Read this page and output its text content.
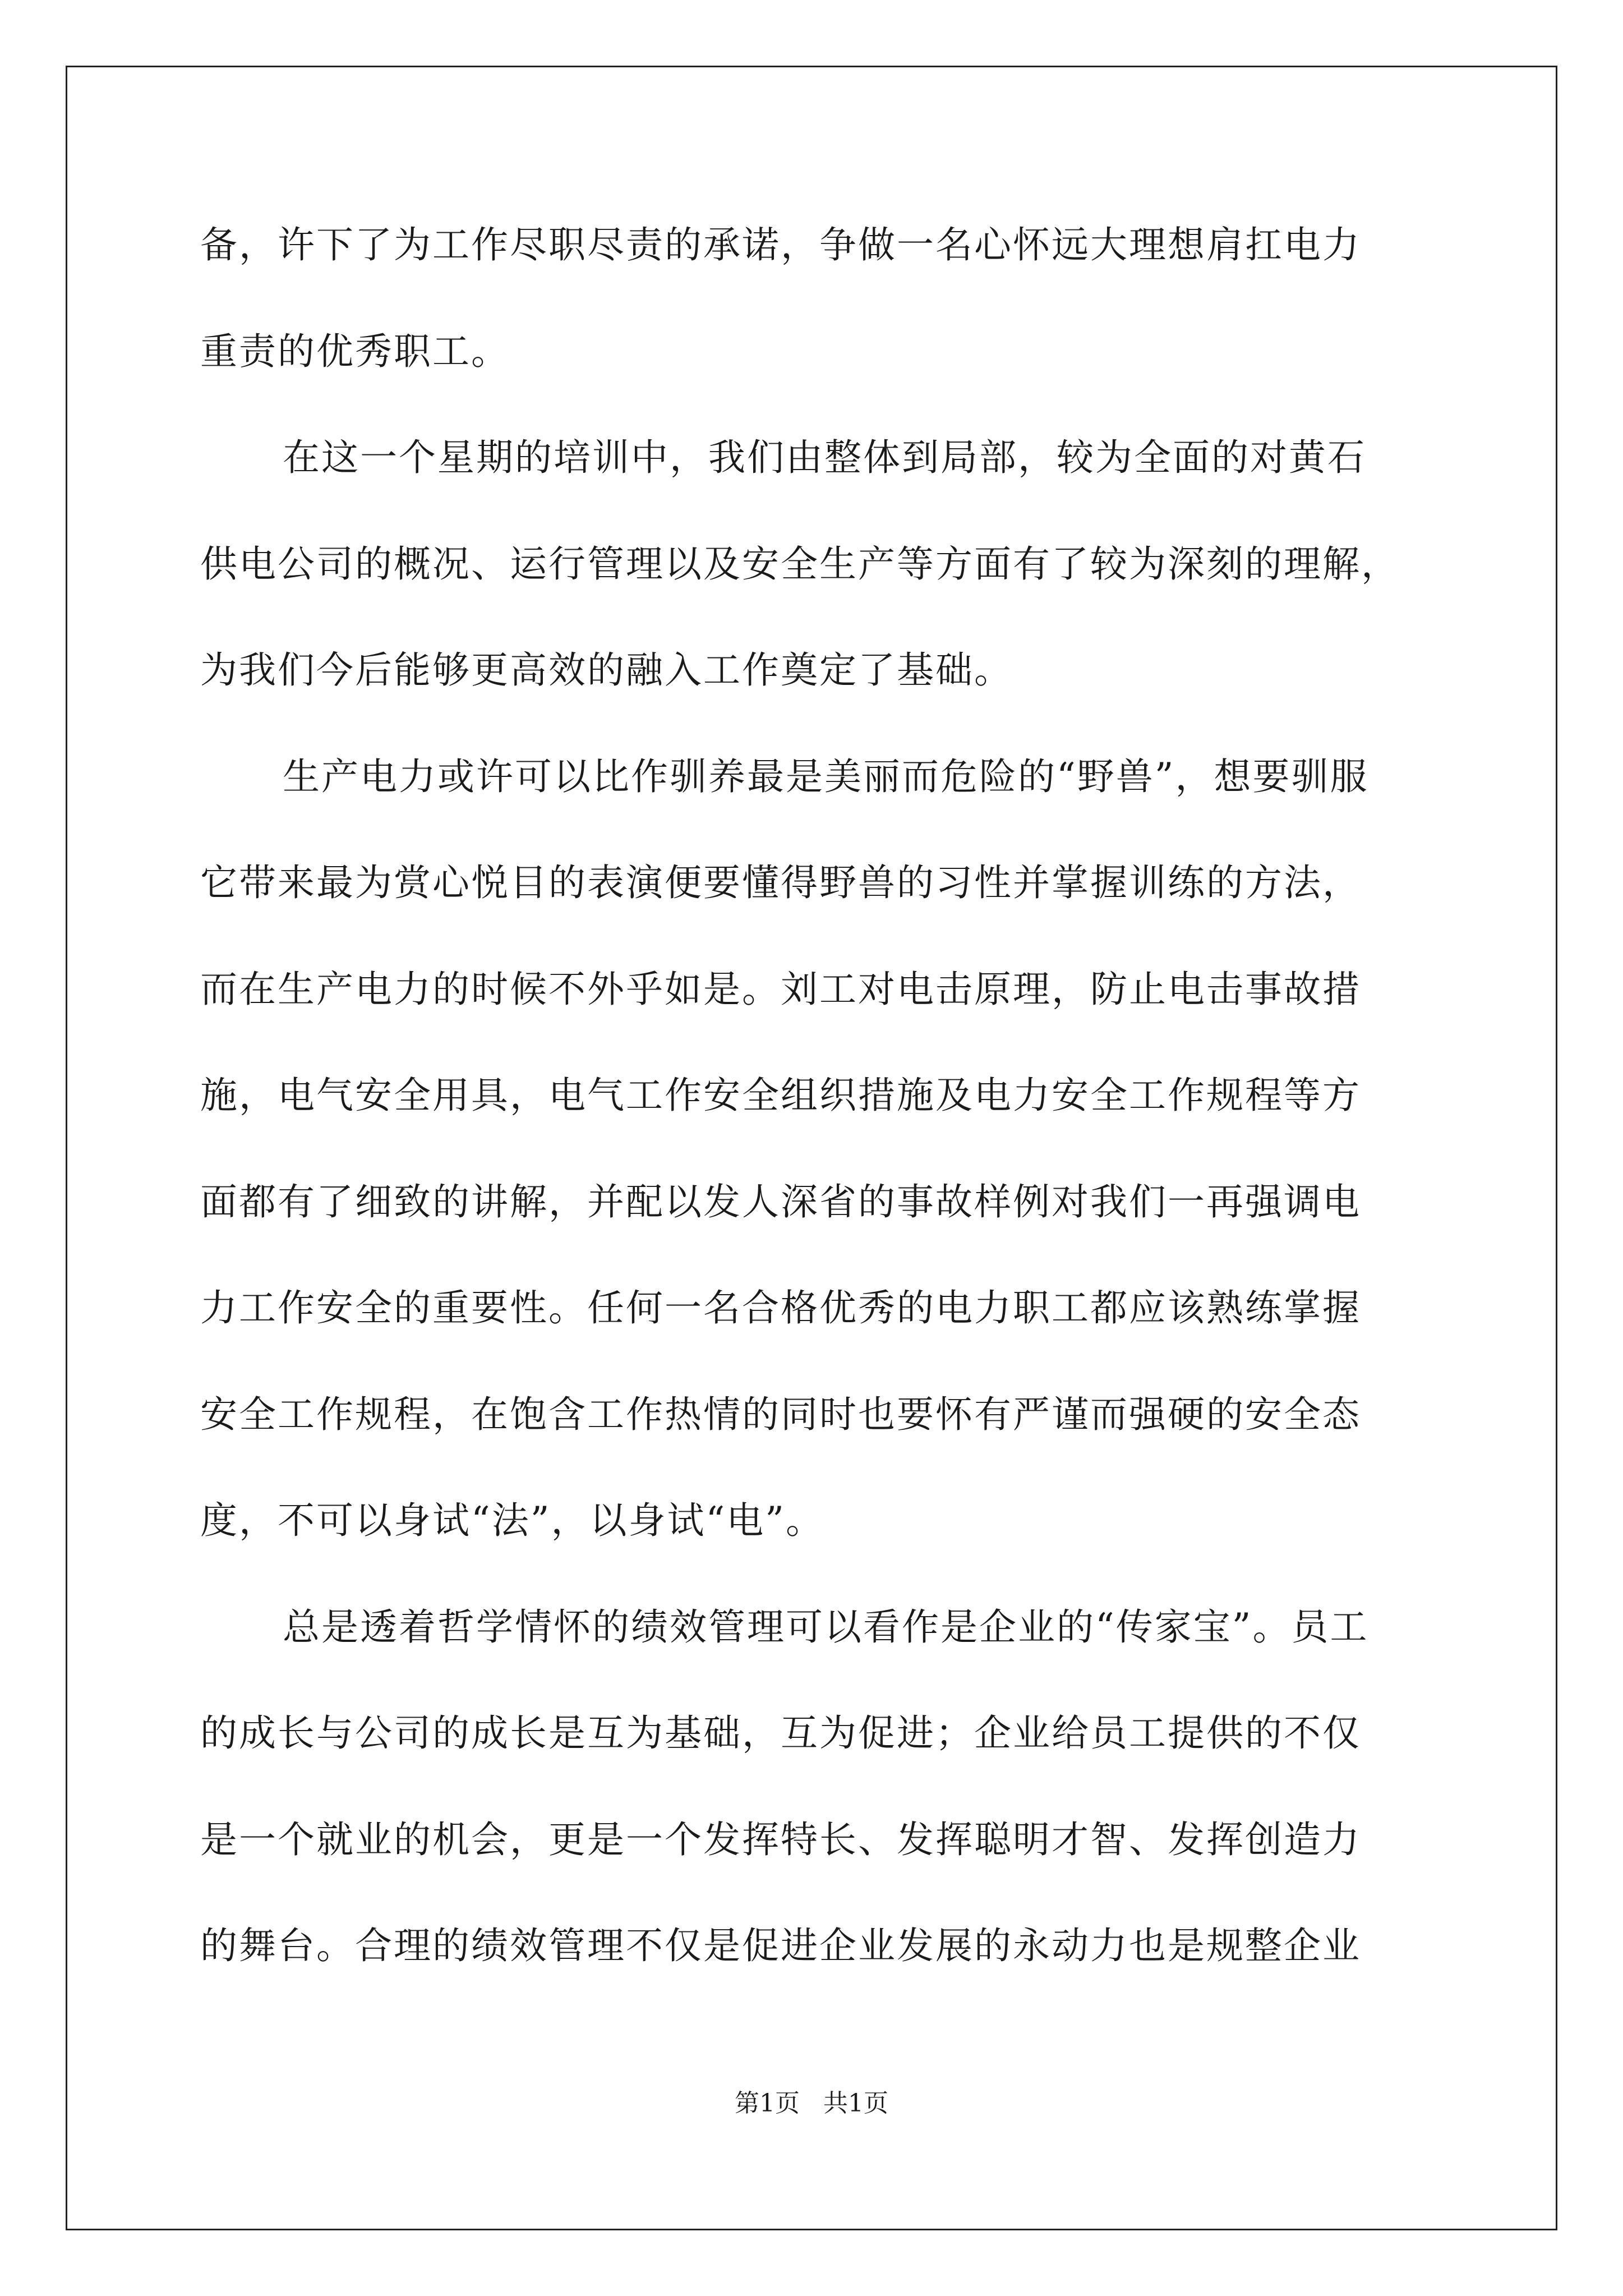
备，许下了为工作尽职尽责的承诺，争做一名心怀远大理想肩扛电力
重责的优秀职工。
在这一个星期的培训中，我们由整体到局部，较为全面的对黄石
供电公司的概况、运行管理以及安全生产等方面有了较为深刻的理解，
为我们今后能够更高效的融入工作奠定了基础。
生产电力或许可以比作驯养最是美丽而危险的“野兽”，想要驯服
它带来最为赏心悦目的表演便要懂得野兽的习性并掌握训练的方法，
而在生产电力的时候不外乎如是。刘工对电击原理，防止电击事故措
施，电气安全用具，电气工作安全组织措施及电力安全工作规程等方
面都有了细致的讲解，并配以发人深省的事故样例对我们一再强调电
力工作安全的重要性。任何一名合格优秀的电力职工都应该熟练掌握
安全工作规程，在饱含工作热情的同时也要怀有严谨而强硬的安全态
度，不可以身试“法”，以身试“电”。
总是透着哲学情怀的绩效管理可以看作是企业的“传家宝”。员工
的成长与公司的成长是互为基础，互为促进；企业给员工提供的不仅
是一个就业的机会，更是一个发挥特长、发挥聪明才智、发挥创造力
的舞台。合理的绩效管理不仅是促进企业发展的永动力也是规整企业
第1页   共1页
